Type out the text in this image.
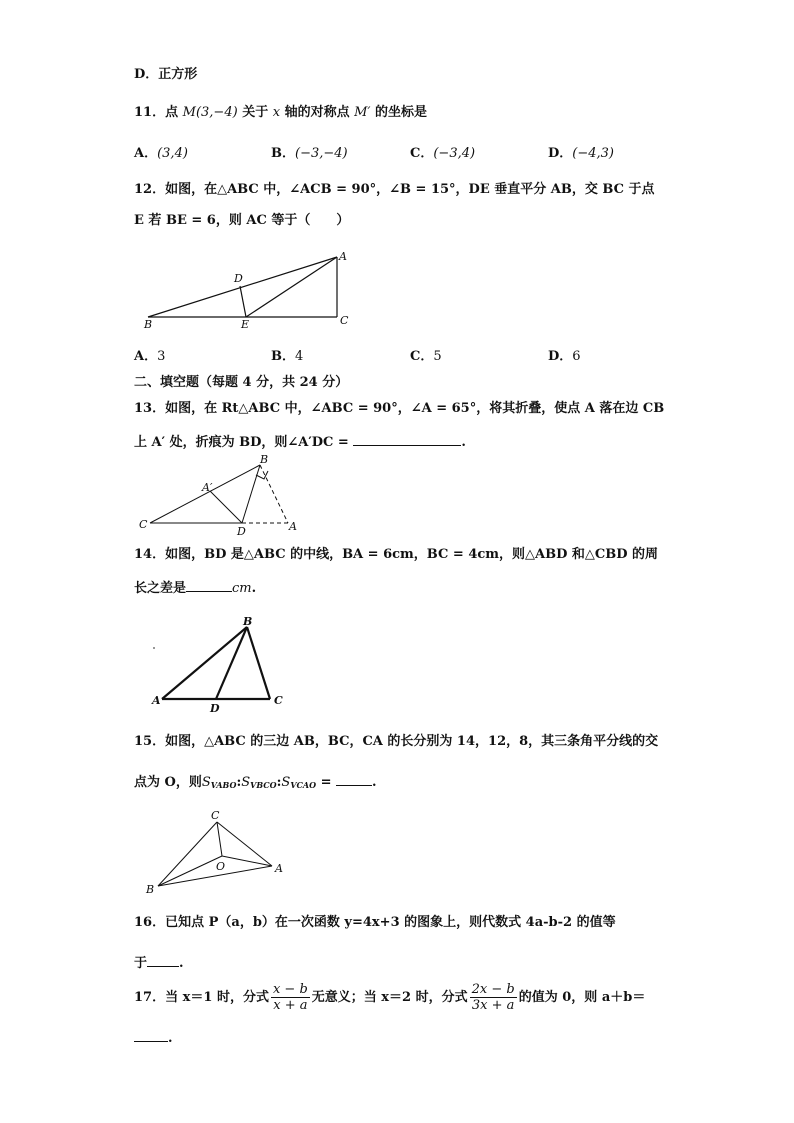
D．正方形
11．点 M(3,−4) 关于 x 轴的对称点 M′ 的坐标是
A．(3,4)	B．(−3,−4)	C．(−3,4)	D．(−4,3)
12．如图，在△ABC 中，∠ACB = 90°，∠B = 15°，DE 垂直平分 AB，交 BC 于点
E 若 BE = 6，则 AC 等于（　　）
A
B	C
D
E
A．3	B．4	C．5	D．6
二、填空题（每题 4 分，共 24 分）
13．如图，在 Rt△ABC 中，∠ABC = 90°，∠A = 65°，将其折叠，使点 A 落在边 CB
上 A′ 处，折痕为 BD，则∠A′DC =	.
B
A′
C
D	A
14．如图，BD 是△ABC 的中线，BA = 6cm，BC = 4cm，则△ABD 和△CBD 的周
长之差是	cm.
B
A	C
D
15．如图，△ABC 的三边 AB，BC，CA 的长分别为 14，12，8，其三条角平分线的交
点为 O，则$S_{VABO}:S_{VBCO}:S_{VCAO}$ =	.
C
A
B
O
16．已知点 P（a，b）在一次函数 y=4x+3 的图象上，则代数式 4a-b-2 的值等
于 .
17．当 x＝1 时，分式 $\frac{x - b}{x + a}$ 无意义；当 x＝2 时，分式 $\frac{2x - b}{3x + a}$ 的值为 0，则 a＋b＝
.
